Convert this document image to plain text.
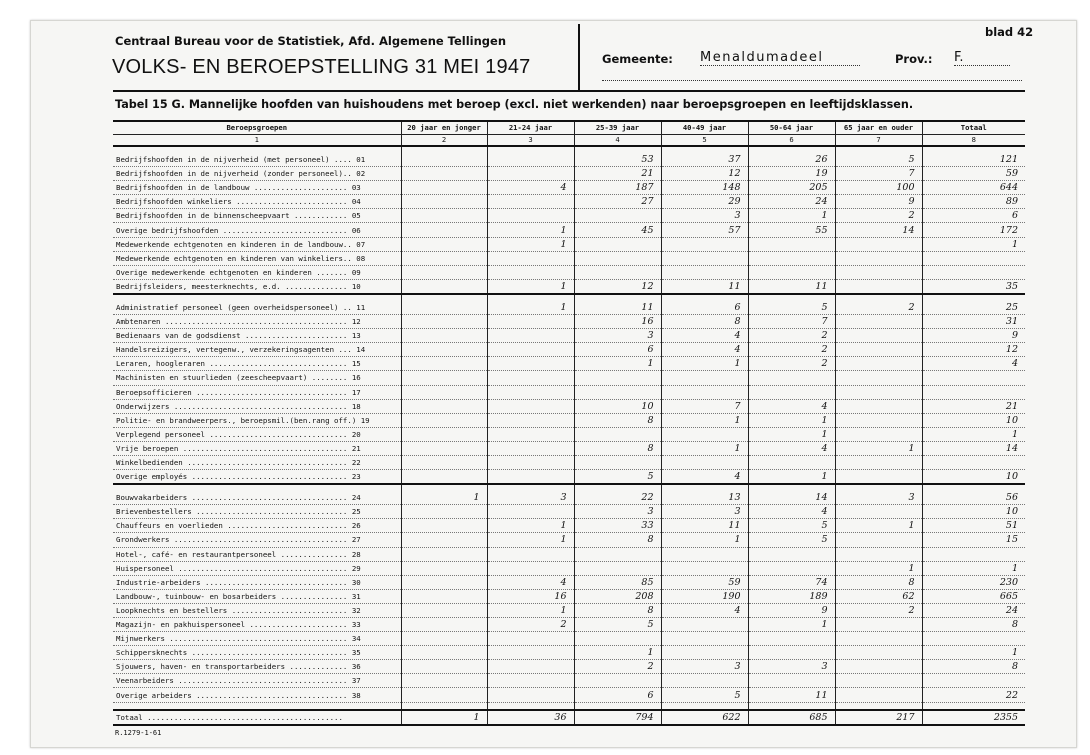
Centraal Bureau voor de Statistiek, Afd. Algemene Tellingen
VOLKS- EN BEROEPSTELLING 31 MEI 1947
blad 42
Gemeente: Menaldumadeel	Prov.: F.
Tabel 15 G. Mannelijke hoofden van huishoudens met beroep (excl. niet werkenden) naar beroepsgroepen en leeftijdsklassen.
Beroepsgroepen	20 jaar en jonger	21-24 jaar	25-39 jaar	40-49 jaar	50-64 jaar	65 jaar en ouder	Totaal
1	2	3	4	5	6	7	8

Bedrijfshoofden in de nijverheid (met personeel) .... 01			53	37	26	5	121
Bedrijfshoofden in de nijverheid (zonder personeel).. 02			21	12	19	7	59
Bedrijfshoofden in de landbouw ..................... 03		4	187	148	205	100	644
Bedrijfshoofden winkeliers ......................... 04			27	29	24	9	89
Bedrijfshoofden in de binnenscheepvaart ............ 05				3	1	2	6
Overige bedrijfshoofden ............................ 06		1	45	57	55	14	172
Medewerkende echtgenoten en kinderen in de landbouw.. 07		1					1
Medewerkende echtgenoten en kinderen van winkeliers.. 08							
Overige medewerkende echtgenoten en kinderen ....... 09							
Bedrijfsleiders, meesterknechts, e.d. .............. 10		1	12	11	11		35

Administratief personeel (geen overheidspersoneel) .. 11		1	11	6	5	2	25
Ambtenaren ......................................... 12			16	8	7		31
Bedienaars van de godsdienst ....................... 13			3	4	2		9
Handelsreizigers, vertegenw., verzekeringsagenten ... 14			6	4	2		12
Leraren, hoogleraren ............................... 15			1	1	2		4
Machinisten en stuurlieden (zeescheepvaart) ........ 16							
Beroepsofficieren .................................. 17							
Onderwijzers ....................................... 18			10	7	4		21
Politie- en brandweerpers., beroepsmil.(ben.rang off.) 19			8	1	1		10
Verplegend personeel ............................... 20					1		1
Vrije beroepen ..................................... 21			8	1	4	1	14
Winkelbedienden .................................... 22							
Overige employés ................................... 23			5	4	1		10

Bouwvakarbeiders ................................... 24	1	3	22	13	14	3	56
Brievenbestellers .................................. 25			3	3	4		10
Chauffeurs en voerlieden ........................... 26		1	33	11	5	1	51
Grondwerkers ....................................... 27		1	8	1	5		15
Hotel-, café- en restaurantpersoneel ............... 28							
Huispersoneel ...................................... 29						1	1
Industrie-arbeiders ................................ 30		4	85	59	74	8	230
Landbouw-, tuinbouw- en bosarbeiders ............... 31		16	208	190	189	62	665
Loopknechts en bestellers .......................... 32		1	8	4	9	2	24
Magazijn- en pakhuispersoneel ...................... 33		2	5		1		8
Mijnwerkers ........................................ 34							
Schippersknechts ................................... 35			1				1
Sjouwers, haven- en transportarbeiders ............. 36			2	3	3		8
Veenarbeiders ...................................... 37							
Overige arbeiders .................................. 38			6	5	11		22

Totaal ............................................	1	36	794	622	685	217	2355
R.1279-1-61
